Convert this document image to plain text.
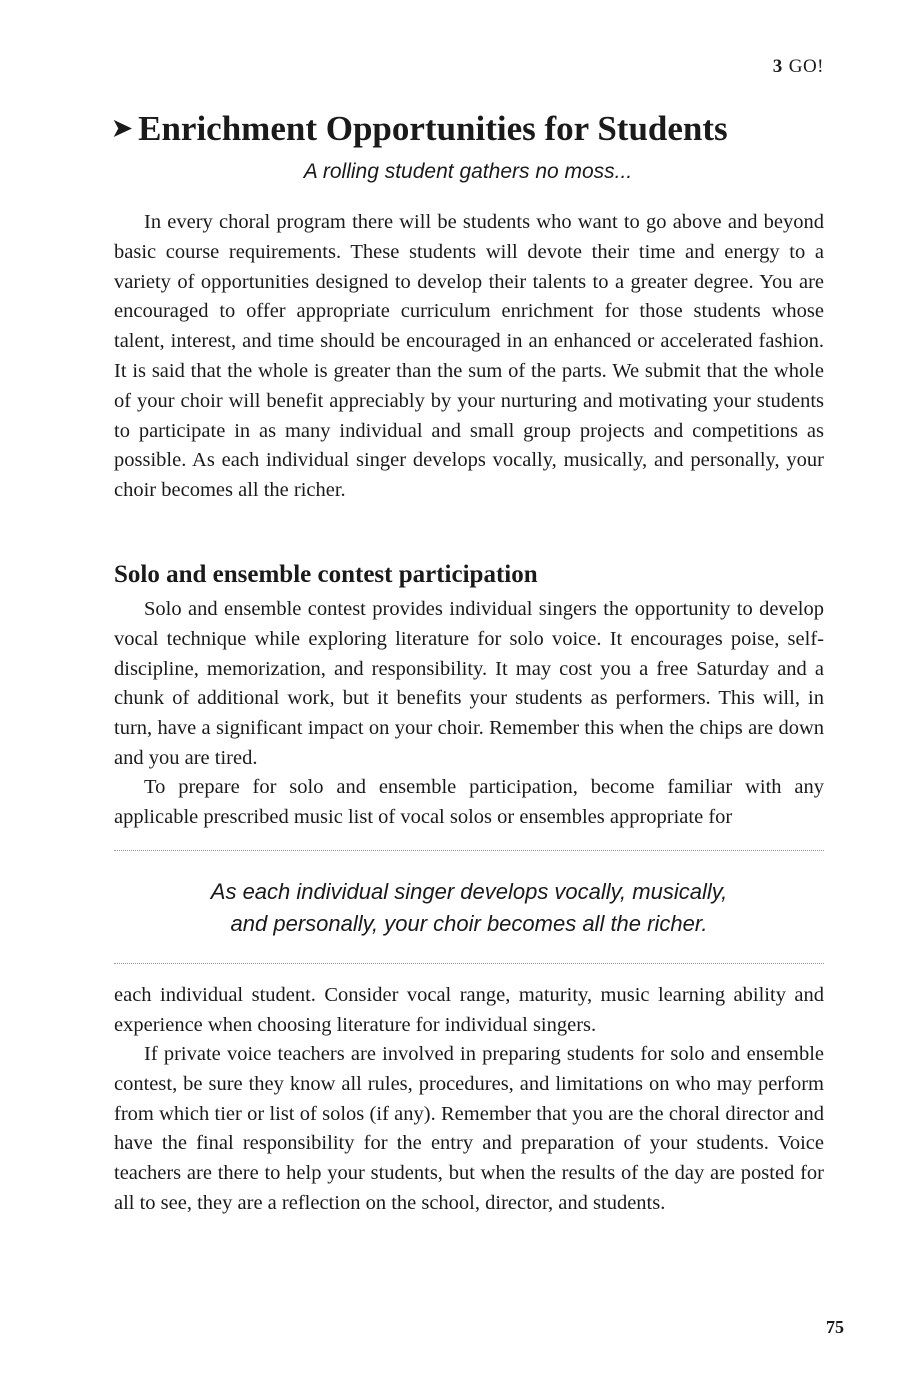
3 GO!
➤ Enrichment Opportunities for Students

A rolling student gathers no moss...

In every choral program there will be students who want to go above and beyond basic course requirements. These students will devote their time and energy to a variety of opportunities designed to develop their talents to a greater degree. You are encouraged to offer appropriate curriculum enrichment for those students whose talent, interest, and time should be encouraged in an enhanced or accelerated fashion. It is said that the whole is greater than the sum of the parts. We submit that the whole of your choir will benefit appreciably by your nurturing and motivating your students to participate in as many individual and small group projects and competitions as possible. As each individual singer develops vocally, musically, and personally, your choir becomes all the richer.

Solo and ensemble contest participation

Solo and ensemble contest provides individual singers the opportunity to develop vocal technique while exploring literature for solo voice. It encourages poise, self-discipline, memorization, and responsibility. It may cost you a free Saturday and a chunk of additional work, but it benefits your students as performers. This will, in turn, have a significant impact on your choir. Remember this when the chips are down and you are tired.

To prepare for solo and ensemble participation, become familiar with any applicable prescribed music list of vocal solos or ensembles appropriate for

As each individual singer develops vocally, musically,
and personally, your choir becomes all the richer.

each individual student. Consider vocal range, maturity, music learning ability and experience when choosing literature for individual singers.

If private voice teachers are involved in preparing students for solo and ensemble contest, be sure they know all rules, procedures, and limitations on who may perform from which tier or list of solos (if any). Remember that you are the choral director and have the final responsibility for the entry and preparation of your students. Voice teachers are there to help your students, but when the results of the day are posted for all to see, they are a reflection on the school, director, and students.

75
